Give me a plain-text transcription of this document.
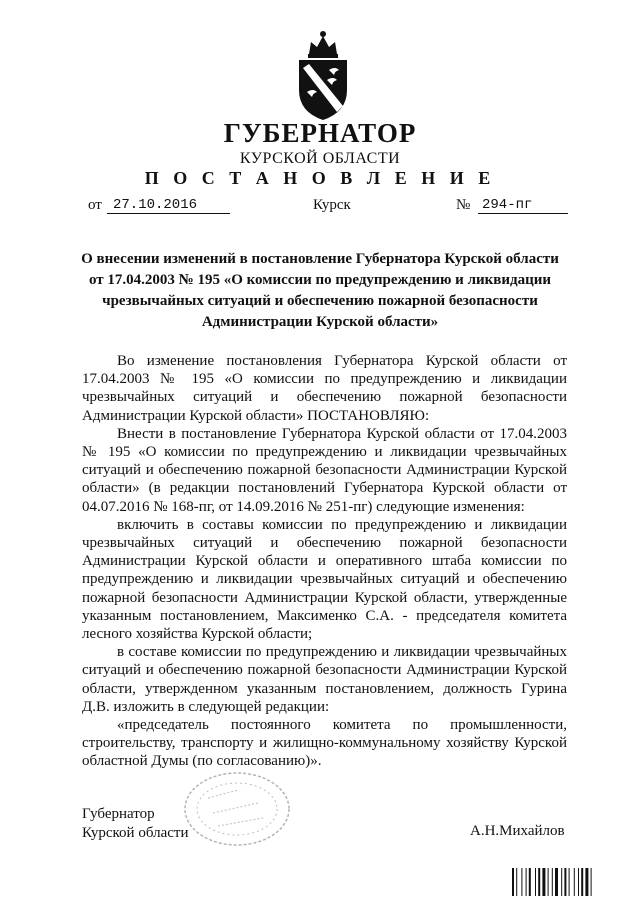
ГУБЕРНАТОР
КУРСКОЙ ОБЛАСТИ
П О С Т А Н О В Л Е Н И Е
от 27.10.2016	Курск	№ 294-пг
О внесении изменений в постановление Губернатора Курской области
от 17.04.2003 № 195 «О комиссии по предупреждению и ликвидации
чрезвычайных ситуаций и обеспечению пожарной безопасности
Администрации Курской области»

Во изменение постановления Губернатора Курской области от 17.04.2003 № 195 «О комиссии по предупреждению и ликвидации чрезвычайных ситуаций и обеспечению пожарной безопасности Администрации Курской области» ПОСТАНОВЛЯЮ:

Внести в постановление Губернатора Курской области от 17.04.2003 № 195 «О комиссии по предупреждению и ликвидации чрезвычайных ситуаций и обеспечению пожарной безопасности Администрации Курской области» (в редакции постановлений Губернатора Курской области от 04.07.2016 № 168-пг, от 14.09.2016 № 251-пг) следующие изменения:

включить в составы комиссии по предупреждению и ликвидации чрезвычайных ситуаций и обеспечению пожарной безопасности Администрации Курской области и оперативного штаба комиссии по предупреждению и ликвидации чрезвычайных ситуаций и обеспечению пожарной безопасности Администрации Курской области, утвержденные указанным постановлением, Максименко С.А. - председателя комитета лесного хозяйства Курской области;

в составе комиссии по предупреждению и ликвидации чрезвычайных ситуаций и обеспечению пожарной безопасности Администрации Курской области, утвержденном указанным постановлением, должность Гурина Д.В. изложить в следующей редакции:

«председатель постоянного комитета по промышленности, строительству, транспорту и жилищно-коммунальному хозяйству Курской областной Думы (по согласованию)».

Губернатор
Курской области	А.Н.Михайлов
